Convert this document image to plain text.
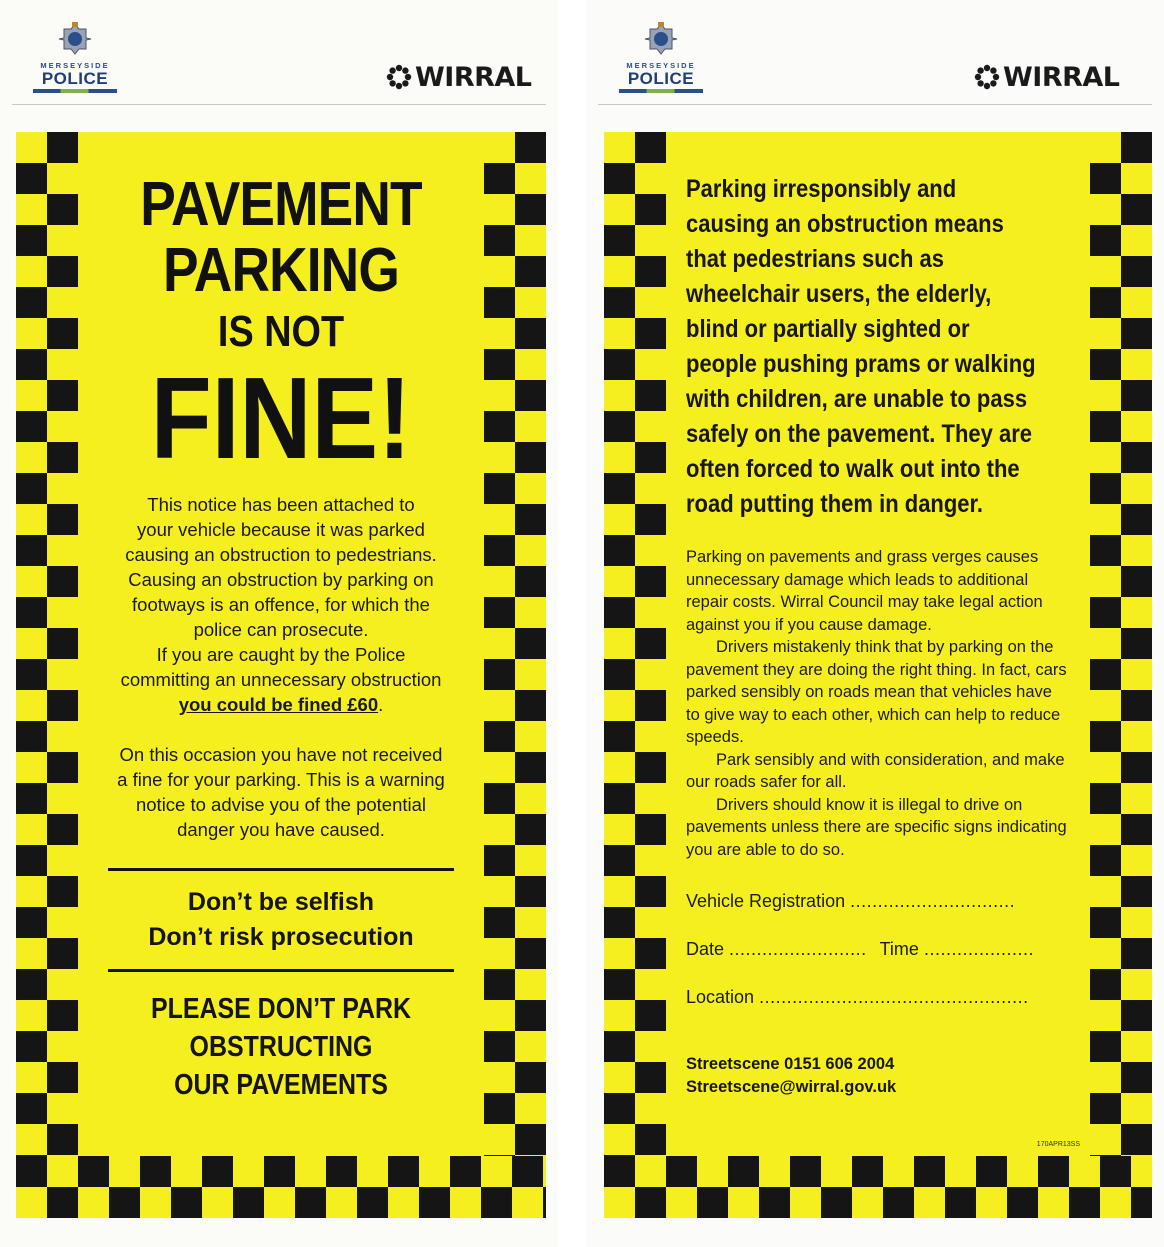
MERSEYSIDE
POLICE	WIRRAL
PAVEMENT
PARKING
IS NOT
FINE!
This notice has been attached to
your vehicle because it was parked
causing an obstruction to pedestrians.
Causing an obstruction by parking on
footways is an offence, for which the
police can prosecute.
If you are caught by the Police
committing an unnecessary obstruction
you could be fined £60.
On this occasion you have not received
a fine for your parking. This is a warning
notice to advise you of the potential
danger you have caused.
Don’t be selfish
Don’t risk prosecution
PLEASE DON’T PARK
OBSTRUCTING
OUR PAVEMENTS
MERSEYSIDE
POLICE	WIRRAL
Parking irresponsibly and
causing an obstruction means
that pedestrians such as
wheelchair users, the elderly,
blind or partially sighted or
people pushing prams or walking
with children, are unable to pass
safely on the pavement. They are
often forced to walk out into the
road putting them in danger.

Parking on pavements and grass verges causes unnecessary damage which leads to additional repair costs. Wirral Council may take legal action against you if you cause damage.

Drivers mistakenly think that by parking on the pavement they are doing the right thing. In fact, cars parked sensibly on roads mean that vehicles have to give way to each other, which can help to reduce speeds.

Park sensibly and with consideration, and make our roads safer for all.

Drivers should know it is illegal to drive on pavements unless there are specific signs indicating you are able to do so.

Vehicle Registration ..............................
Date ......................... Time ....................
Location .................................................
Streetscene 0151 606 2004
Streetscene@wirral.gov.uk
170APR13SS
